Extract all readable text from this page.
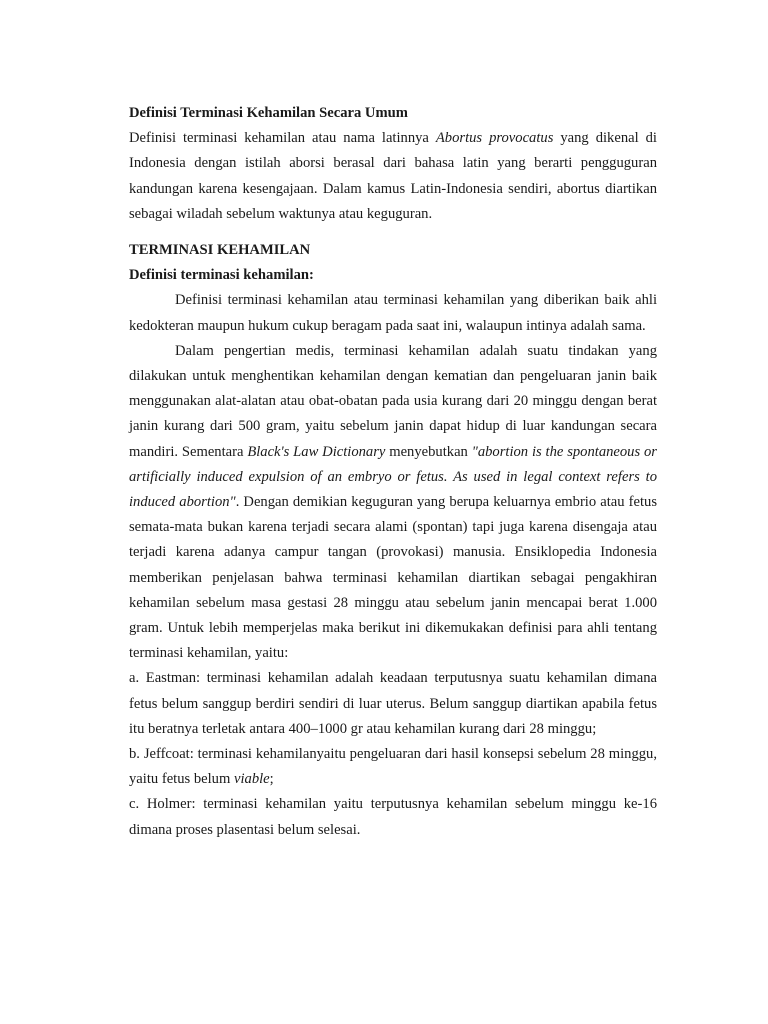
Definisi Terminasi Kehamilan Secara Umum

Definisi terminasi kehamilan atau nama latinnya Abortus provocatus yang dikenal di Indonesia dengan istilah aborsi berasal dari bahasa latin yang berarti pengguguran kandungan karena kesengajaan. Dalam kamus Latin-Indonesia sendiri, abortus diartikan sebagai wiladah sebelum waktunya atau keguguran.

TERMINASI KEHAMILAN

Definisi terminasi kehamilan:

Definisi terminasi kehamilan atau terminasi kehamilan yang diberikan baik ahli kedokteran maupun hukum cukup beragam pada saat ini, walaupun intinya adalah sama.

Dalam pengertian medis, terminasi kehamilan adalah suatu tindakan yang dilakukan untuk menghentikan kehamilan dengan kematian dan pengeluaran janin baik menggunakan alat-alatan atau obat-obatan pada usia kurang dari 20 minggu dengan berat janin kurang dari 500 gram, yaitu sebelum janin dapat hidup di luar kandungan secara mandiri. Sementara Black's Law Dictionary menyebutkan "abortion is the spontaneous or artificially induced expulsion of an embryo or fetus. As used in legal context refers to induced abortion". Dengan demikian keguguran yang berupa keluarnya embrio atau fetus semata-mata bukan karena terjadi secara alami (spontan) tapi juga karena disengaja atau terjadi karena adanya campur tangan (provokasi) manusia. Ensiklopedia Indonesia memberikan penjelasan bahwa terminasi kehamilan diartikan sebagai pengakhiran kehamilan sebelum masa gestasi 28 minggu atau sebelum janin mencapai berat 1.000 gram. Untuk lebih memperjelas maka berikut ini dikemukakan definisi para ahli tentang terminasi kehamilan, yaitu:

a. Eastman: terminasi kehamilan adalah keadaan terputusnya suatu kehamilan dimana fetus belum sanggup berdiri sendiri di luar uterus. Belum sanggup diartikan apabila fetus itu beratnya terletak antara 400–1000 gr atau kehamilan kurang dari 28 minggu;

b. Jeffcoat: terminasi kehamilanyaitu pengeluaran dari hasil konsepsi sebelum 28 minggu, yaitu fetus belum viable;

c. Holmer: terminasi kehamilan yaitu terputusnya kehamilan sebelum minggu ke-16 dimana proses plasentasi belum selesai.
